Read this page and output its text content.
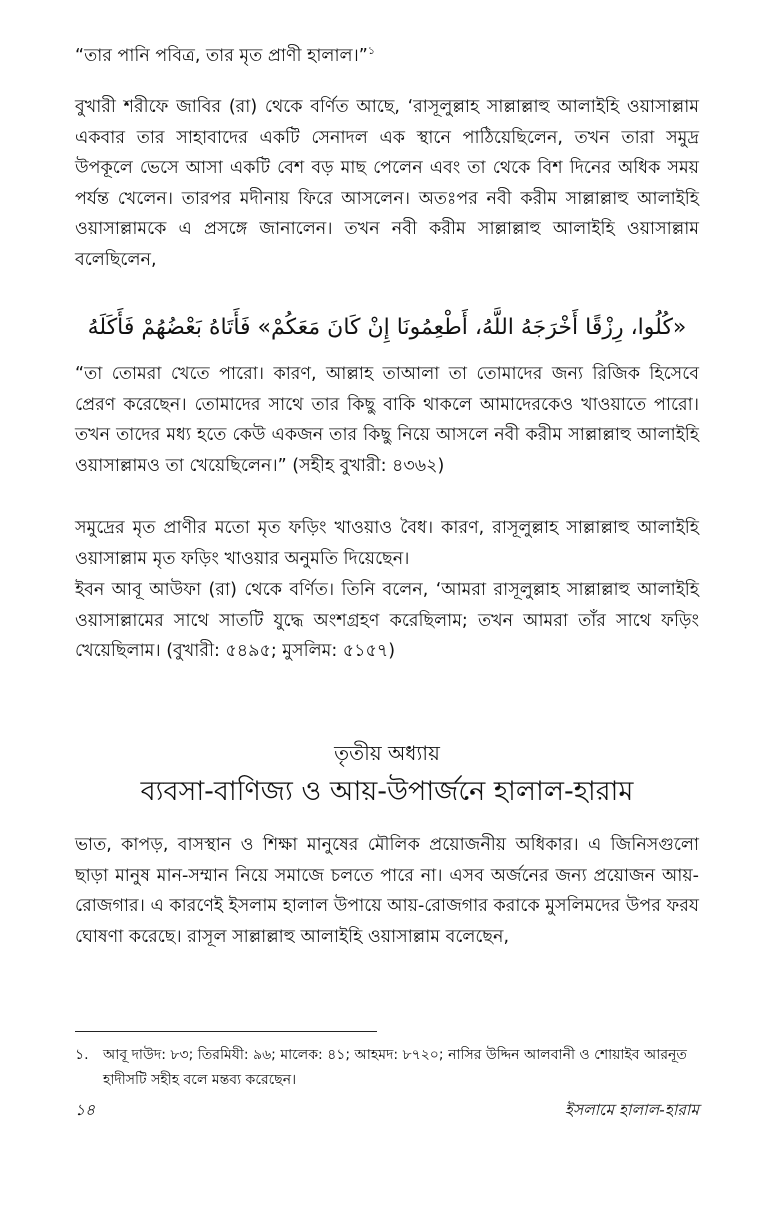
“তার পানি পবিত্র, তার মৃত প্রাণী হালাল।”$^১$

বুখারী শরীফে জাবির (রা) থেকে বর্ণিত আছে, ‘রাসূলুল্লাহ সাল্লাল্লাহু আলাইহি ওয়াসাল্লাম একবার তার সাহাবাদের একটি সেনাদল এক স্থানে পাঠিয়েছিলেন, তখন তারা সমুদ্র উপকূলে ভেসে আসা একটি বেশ বড় মাছ পেলেন এবং তা থেকে বিশ দিনের অধিক সময় পর্যন্ত খেলেন। তারপর মদীনায় ফিরে আসলেন। অতঃপর নবী করীম সাল্লাল্লাহু আলাইহি ওয়াসাল্লামকে এ প্রসঙ্গে জানালেন। তখন নবী করীম সাল্লাল্লাহু আলাইহি ওয়াসাল্লাম বলেছিলেন,

«كُلُوا، رِزْقًا أَخْرَجَهُ اللَّهُ، أَطْعِمُونَا إِنْ كَانَ مَعَكُمْ» فَأَتَاهُ بَعْضُهُمْ فَأَكَلَهُ

“তা তোমরা খেতে পারো। কারণ, আল্লাহ তাআলা তা তোমাদের জন্য রিজিক হিসেবে প্রেরণ করেছেন। তোমাদের সাথে তার কিছু বাকি থাকলে আমাদেরকেও খাওয়াতে পারো। তখন তাদের মধ্য হতে কেউ একজন তার কিছু নিয়ে আসলে নবী করীম সাল্লাল্লাহু আলাইহি ওয়াসাল্লামও তা খেয়েছিলেন।” (সহীহ বুখারী: ৪৩৬২)

সমুদ্রের মৃত প্রাণীর মতো মৃত ফড়িং খাওয়াও বৈধ। কারণ, রাসূলুল্লাহ সাল্লাল্লাহু আলাইহি ওয়াসাল্লাম মৃত ফড়িং খাওয়ার অনুমতি দিয়েছেন।

ইবন আবূ আউফা (রা) থেকে বর্ণিত। তিনি বলেন, ‘আমরা রাসূলুল্লাহ সাল্লাল্লাহু আলাইহি ওয়াসাল্লামের সাথে সাতটি যুদ্ধে অংশগ্রহণ করেছিলাম; তখন আমরা তাঁর সাথে ফড়িং খেয়েছিলাম। (বুখারী: ৫৪৯৫; মুসলিম: ৫১৫৭)

তৃতীয় অধ্যায়
ব্যবসা-বাণিজ্য ও আয়-উপার্জনে হালাল-হারাম

ভাত, কাপড়, বাসস্থান ও শিক্ষা মানুষের মৌলিক প্রয়োজনীয় অধিকার। এ জিনিসগুলো ছাড়া মানুষ মান-সম্মান নিয়ে সমাজে চলতে পারে না। এসব অর্জনের জন্য প্রয়োজন আয়-রোজগার। এ কারণেই ইসলাম হালাল উপায়ে আয়-রোজগার করাকে মুসলিমদের উপর ফরয ঘোষণা করেছে। রাসূল সাল্লাল্লাহু আলাইহি ওয়াসাল্লাম বলেছেন,

১. আবূ দাউদ: ৮৩; তিরমিযী: ৯৬; মালেক: ৪১; আহমদ: ৮৭২০; নাসির উদ্দিন আলবানী ও শোয়াইব আরনূত হাদীসটি সহীহ বলে মন্তব্য করেছেন।
১৪	ইসলামে হালাল-হারাম
